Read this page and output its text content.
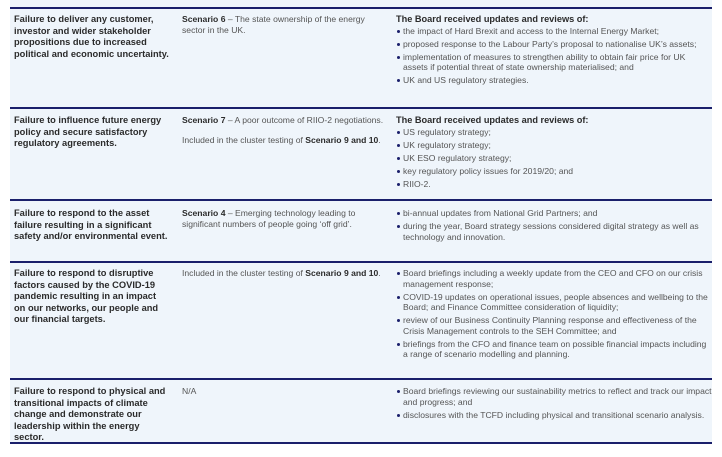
Failure to deliver any customer, investor and wider stakeholder propositions due to increased political and economic uncertainty.

Scenario 6 – The state ownership of the energy sector in the UK.

The Board received updates and reviews of:
the impact of Hard Brexit and access to the Internal Energy Market;
proposed response to the Labour Party’s proposal to nationalise UK’s assets;
implementation of measures to strengthen ability to obtain fair price for UK assets if potential threat of state ownership materialised; and
UK and US regulatory strategies.
Failure to influence future energy policy and secure satisfactory regulatory agreements.

Scenario 7 – A poor outcome of RIIO-2 negotiations.

Included in the cluster testing of Scenario 9 and 10.

The Board received updates and reviews of:
US regulatory strategy;
UK regulatory strategy;
UK ESO regulatory strategy;
key regulatory policy issues for 2019/20; and
RIIO-2.
Failure to respond to the asset failure resulting in a significant safety and/or environmental event.

Scenario 4 – Emerging technology leading to significant numbers of people going ‘off grid’.

bi-annual updates from National Grid Partners; and
during the year, Board strategy sessions considered digital strategy as well as technology and innovation.
Failure to respond to disruptive factors caused by the COVID-19 pandemic resulting in an impact on our networks, our people and our financial targets.

Included in the cluster testing of Scenario 9 and 10.	Board briefings including a weekly update from the CEO and CFO on our crisis management response;
COVID-19 updates on operational issues, people absences and wellbeing to the Board; and Finance Committee consideration of liquidity;
review of our Business Continuity Planning response and effectiveness of the Crisis Management controls to the SEH Committee; and
briefings from the CFO and finance team on possible financial impacts including a range of scenario modelling and planning.
Failure to respond to physical and transitional impacts of climate change and demonstrate our leadership within the energy sector.

N/A	Board briefings reviewing our sustainability metrics to reflect and track our impact and progress; and
disclosures with the TCFD including physical and transitional scenario analysis.
